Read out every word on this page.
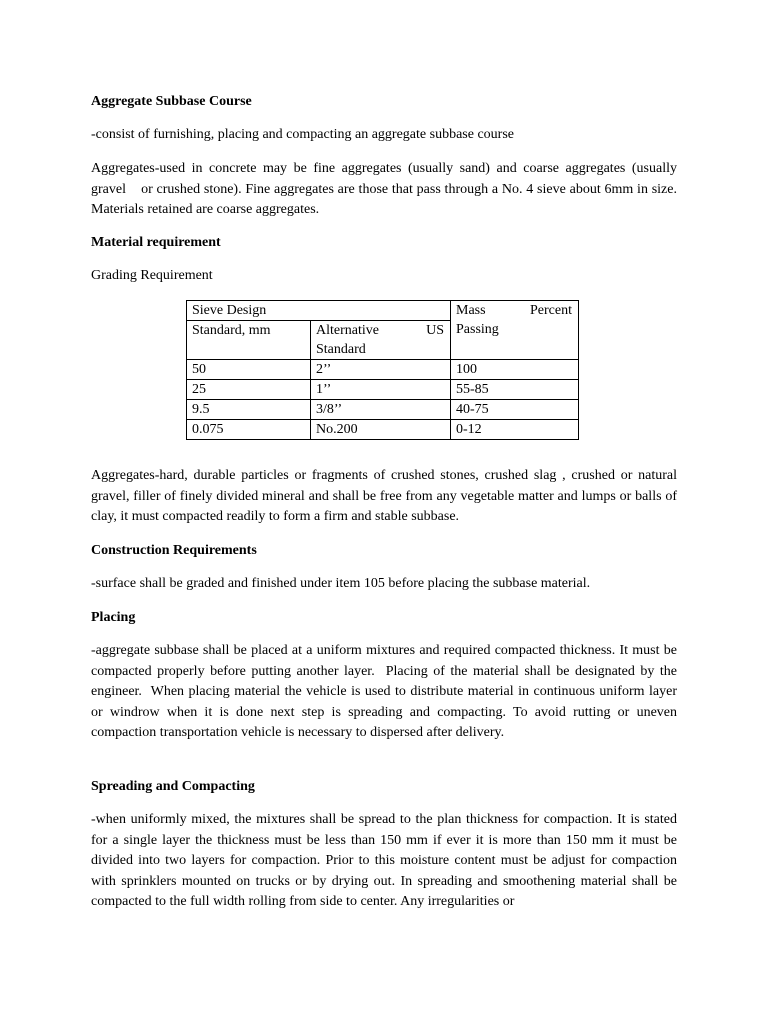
Aggregate Subbase Course

-consist of furnishing, placing and compacting an aggregate subbase course

Aggregates-used in concrete may be fine aggregates (usually sand) and coarse aggregates (usually gravel    or crushed stone). Fine aggregates are those that pass through a No. 4 sieve about 6mm in size. Materials retained are coarse aggregates.

Material requirement

Grading Requirement

Sieve Design		Mass Percent
Passing

Standard, mm	Alternative US
Standard	

50	2’’	100
25	1’’	55-85
9.5	3/8’’	40-75
0.075	No.200	0-12

Aggregates-hard, durable particles or fragments of crushed stones, crushed slag , crushed or natural gravel, filler of finely divided mineral and shall be free from any vegetable matter and lumps or balls of clay, it must compacted readily to form a firm and stable subbase.

Construction Requirements

-surface shall be graded and finished under item 105 before placing the subbase material.

Placing

-aggregate subbase shall be placed at a uniform mixtures and required compacted thickness. It must be compacted properly before putting another layer.  Placing of the material shall be designated by the engineer.  When placing material the vehicle is used to distribute material in continuous uniform layer or windrow when it is done next step is spreading and compacting. To avoid rutting or uneven compaction transportation vehicle is necessary to dispersed after delivery.

Spreading and Compacting

-when uniformly mixed, the mixtures shall be spread to the plan thickness for compaction. It is stated for a single layer the thickness must be less than 150 mm if ever it is more than 150 mm it must be divided into two layers for compaction. Prior to this moisture content must be adjust for compaction with sprinklers mounted on trucks or by drying out. In spreading and smoothening material shall be compacted to the full width rolling from side to center. Any irregularities or
